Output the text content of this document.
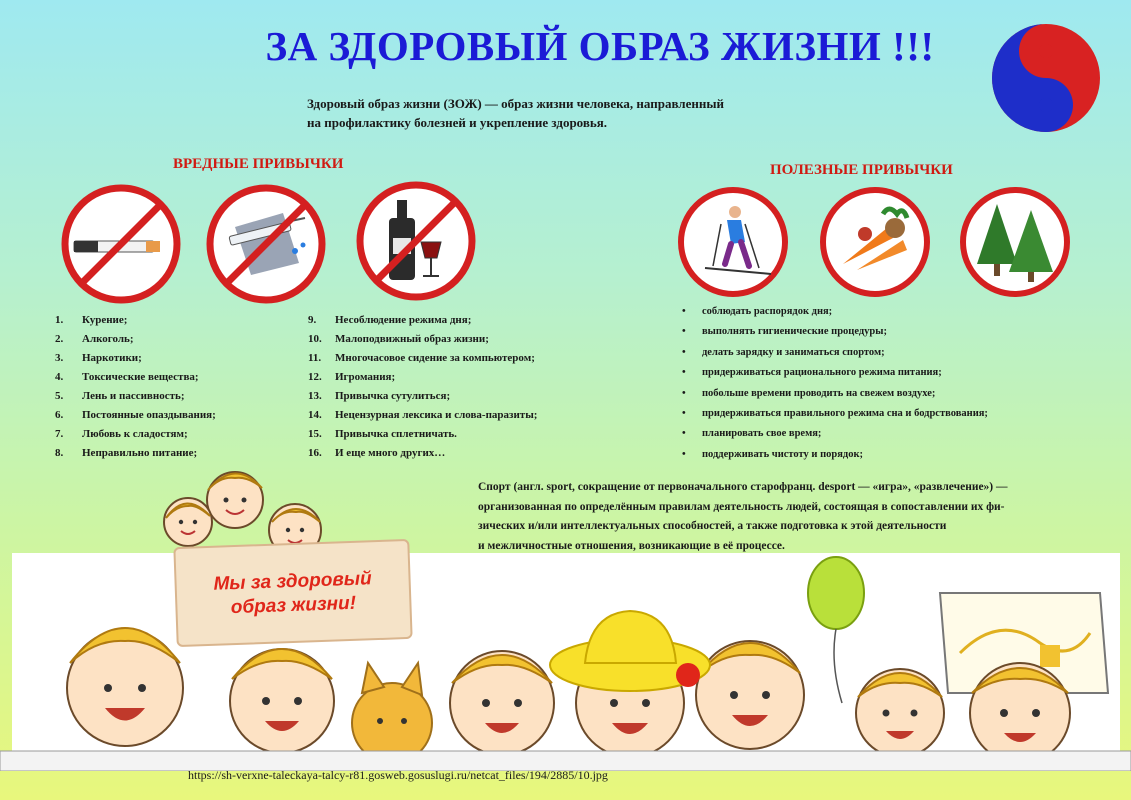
ЗА ЗДОРОВЫЙ ОБРАЗ ЖИЗНИ !!!
Здоровый образ жизни (ЗОЖ) — образ жизни человека, направленный
на профилактику болезней и укрепление здоровья.
ВРЕДНЫЕ ПРИВЫЧКИ	ПОЛЕЗНЫЕ ПРИВЫЧКИ
1. Курение;
2. Алкоголь;
3. Наркотики;
4. Токсические вещества;
5. Лень и пассивность;
6. Постоянные опаздывания;
7. Любовь к сладостям;
8. Неправильно питание;
9. Несоблюдение режима дня;
10. Малоподвижный образ жизни;
11. Многочасовое сидение за компьютером;
12. Игромания;
13. Привычка сутулиться;
14. Нецензурная лексика и слова-паразиты;
15. Привычка сплетничать.
16. И еще много других…
• соблюдать распорядок дня;
• выполнять гигиенические процедуры;
• делать зарядку и заниматься спортом;
• придерживаться рационального режима питания;
• побольше времени проводить на свежем воздухе;
• придерживаться правильного режима сна и бодрствования;
• планировать свое время;
• поддерживать чистоту и порядок;
Спорт (англ. sport, сокращение от первоначального старофранц. desport — «игра», «развлечение») —
организованная по определённым правилам деятельность людей, состоящая в сопоставлении их фи-
зических и/или интеллектуальных способностей, а также подготовка к этой деятельности
и межличностные отношения, возникающие в её процессе.
Мы за здоровый
образ жизни!
https://sh-verxne-taleckaya-talcy-r81.gosweb.gosuslugi.ru/netcat_files/194/2885/10.jpg
